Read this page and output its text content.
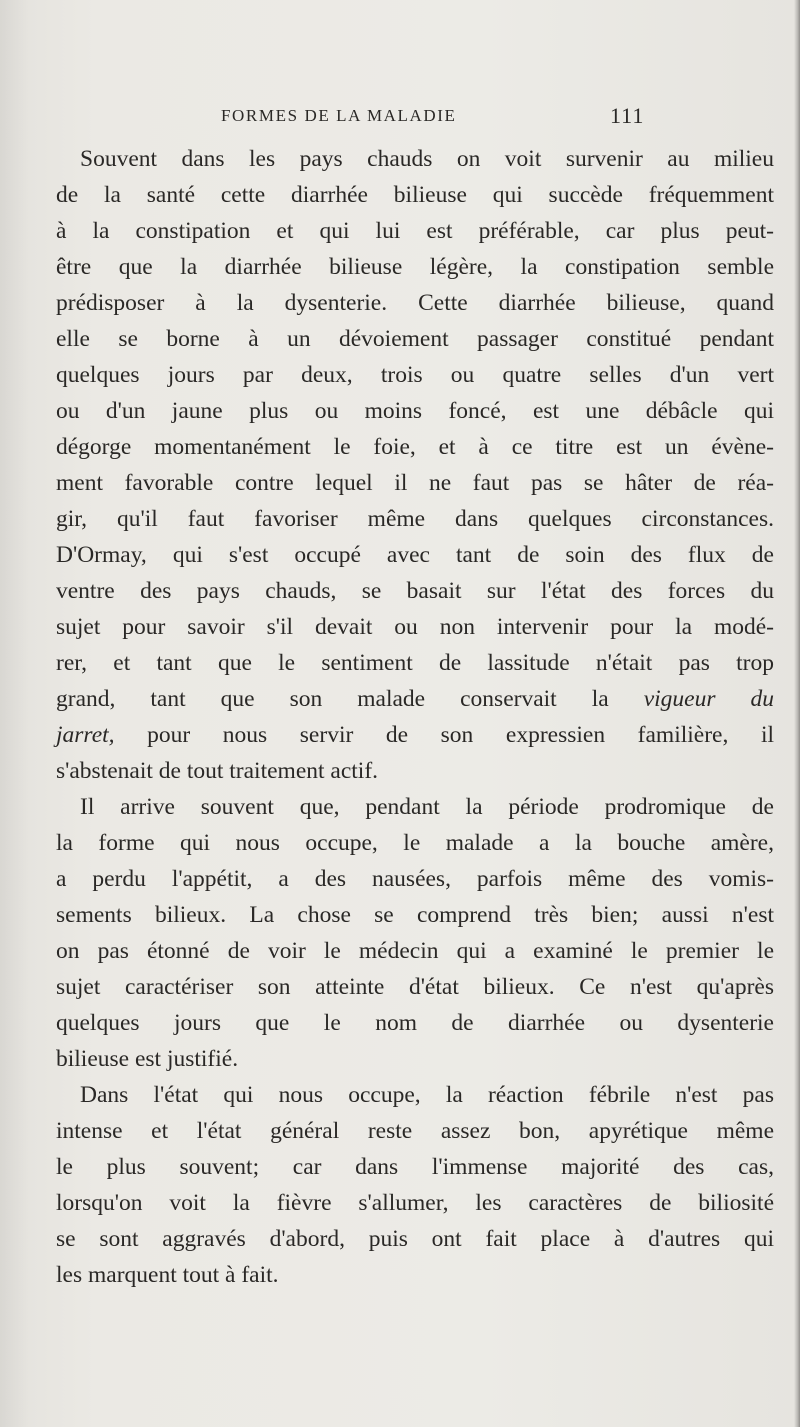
FORMES DE LA MALADIE	111
Souvent dans les pays chauds on voit survenir au milieu
de la santé cette diarrhée bilieuse qui succède fréquemment
à la constipation et qui lui est préférable, car plus peut-
être que la diarrhée bilieuse légère, la constipation semble
prédisposer à la dysenterie. Cette diarrhée bilieuse, quand
elle se borne à un dévoiement passager constitué pendant
quelques jours par deux, trois ou quatre selles d'un vert
ou d'un jaune plus ou moins foncé, est une débâcle qui
dégorge momentanément le foie, et à ce titre est un évène-
ment favorable contre lequel il ne faut pas se hâter de réa-
gir, qu'il faut favoriser même dans quelques circonstances.
D'Ormay, qui s'est occupé avec tant de soin des flux de
ventre des pays chauds, se basait sur l'état des forces du
sujet pour savoir s'il devait ou non intervenir pour la modé-
rer, et tant que le sentiment de lassitude n'était pas trop
grand, tant que son malade conservait la vigueur du
jarret, pour nous servir de son expressien familière, il
s'abstenait de tout traitement actif.
Il arrive souvent que, pendant la période prodromique de
la forme qui nous occupe, le malade a la bouche amère,
a perdu l'appétit, a des nausées, parfois même des vomis-
sements bilieux. La chose se comprend très bien; aussi n'est
on pas étonné de voir le médecin qui a examiné le premier le
sujet caractériser son atteinte d'état bilieux. Ce n'est qu'après
quelques jours que le nom de diarrhée ou dysenterie
bilieuse est justifié.
Dans l'état qui nous occupe, la réaction fébrile n'est pas
intense et l'état général reste assez bon, apyrétique même
le plus souvent; car dans l'immense majorité des cas,
lorsqu'on voit la fièvre s'allumer, les caractères de biliosité
se sont aggravés d'abord, puis ont fait place à d'autres qui
les marquent tout à fait.
